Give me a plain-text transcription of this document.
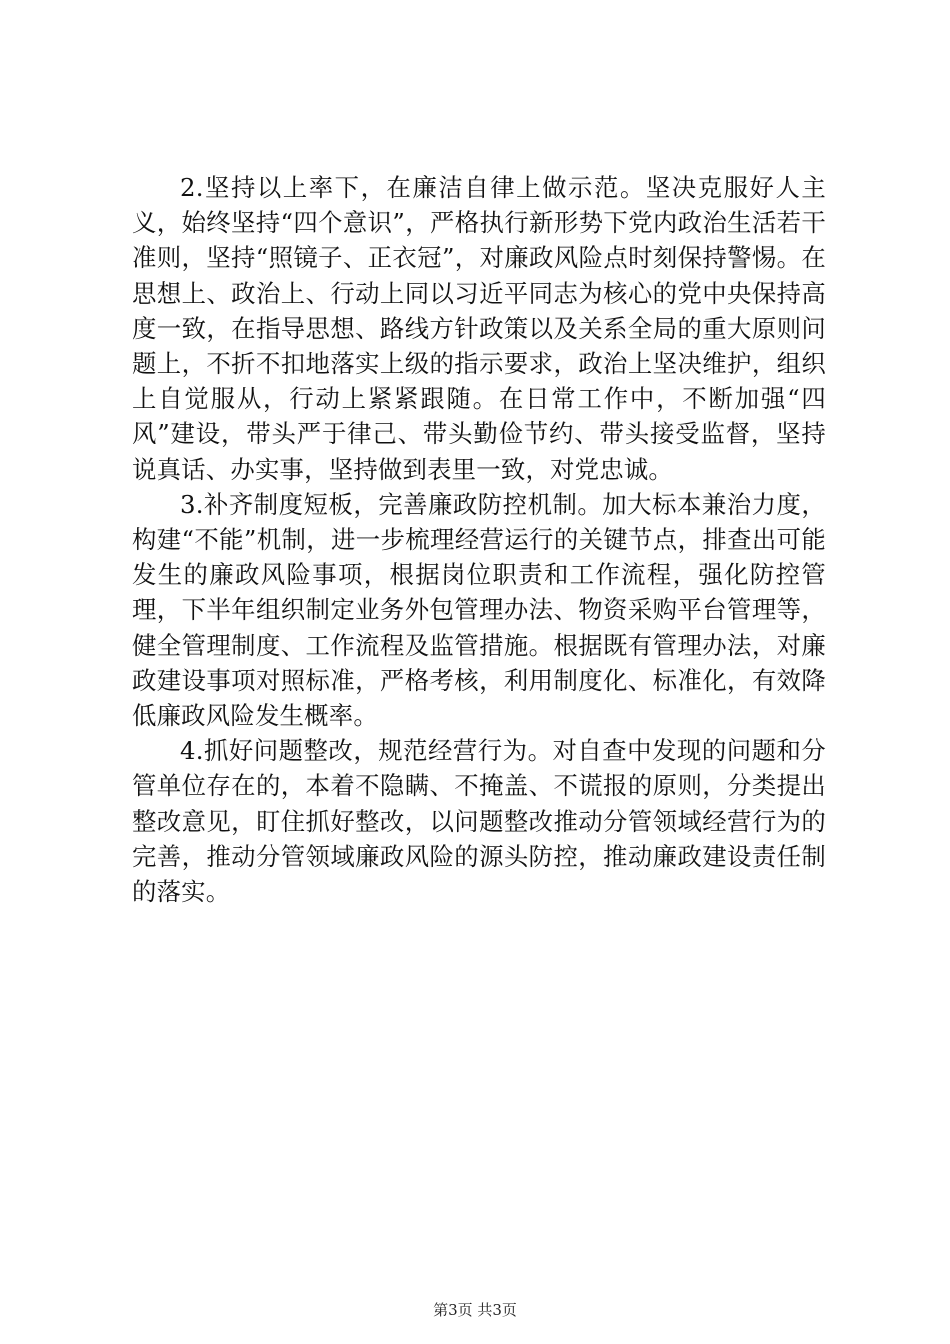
2.坚持以上率下，在廉洁自律上做示范。坚决克服好人主义，始终坚持“四个意识”，严格执行新形势下党内政治生活若干准则，坚持“照镜子、正衣冠”，对廉政风险点时刻保持警惕。在思想上、政治上、行动上同以习近平同志为核心的党中央保持高度一致，在指导思想、路线方针政策以及关系全局的重大原则问题上，不折不扣地落实上级的指示要求，政治上坚决维护，组织上自觉服从，行动上紧紧跟随。在日常工作中，不断加强“四风”建设，带头严于律己、带头勤俭节约、带头接受监督，坚持说真话、办实事，坚持做到表里一致，对党忠诚。

3.补齐制度短板，完善廉政防控机制。加大标本兼治力度，构建“不能”机制，进一步梳理经营运行的关键节点，排查出可能发生的廉政风险事项，根据岗位职责和工作流程，强化防控管理，下半年组织制定业务外包管理办法、物资采购平台管理等，健全管理制度、工作流程及监管措施。根据既有管理办法，对廉政建设事项对照标准，严格考核，利用制度化、标准化，有效降低廉政风险发生概率。

4.抓好问题整改，规范经营行为。对自查中发现的问题和分管单位存在的，本着不隐瞒、不掩盖、不谎报的原则，分类提出整改意见，盯住抓好整改，以问题整改推动分管领域经营行为的完善，推动分管领域廉政风险的源头防控，推动廉政建设责任制的落实。

第3页 共3页
